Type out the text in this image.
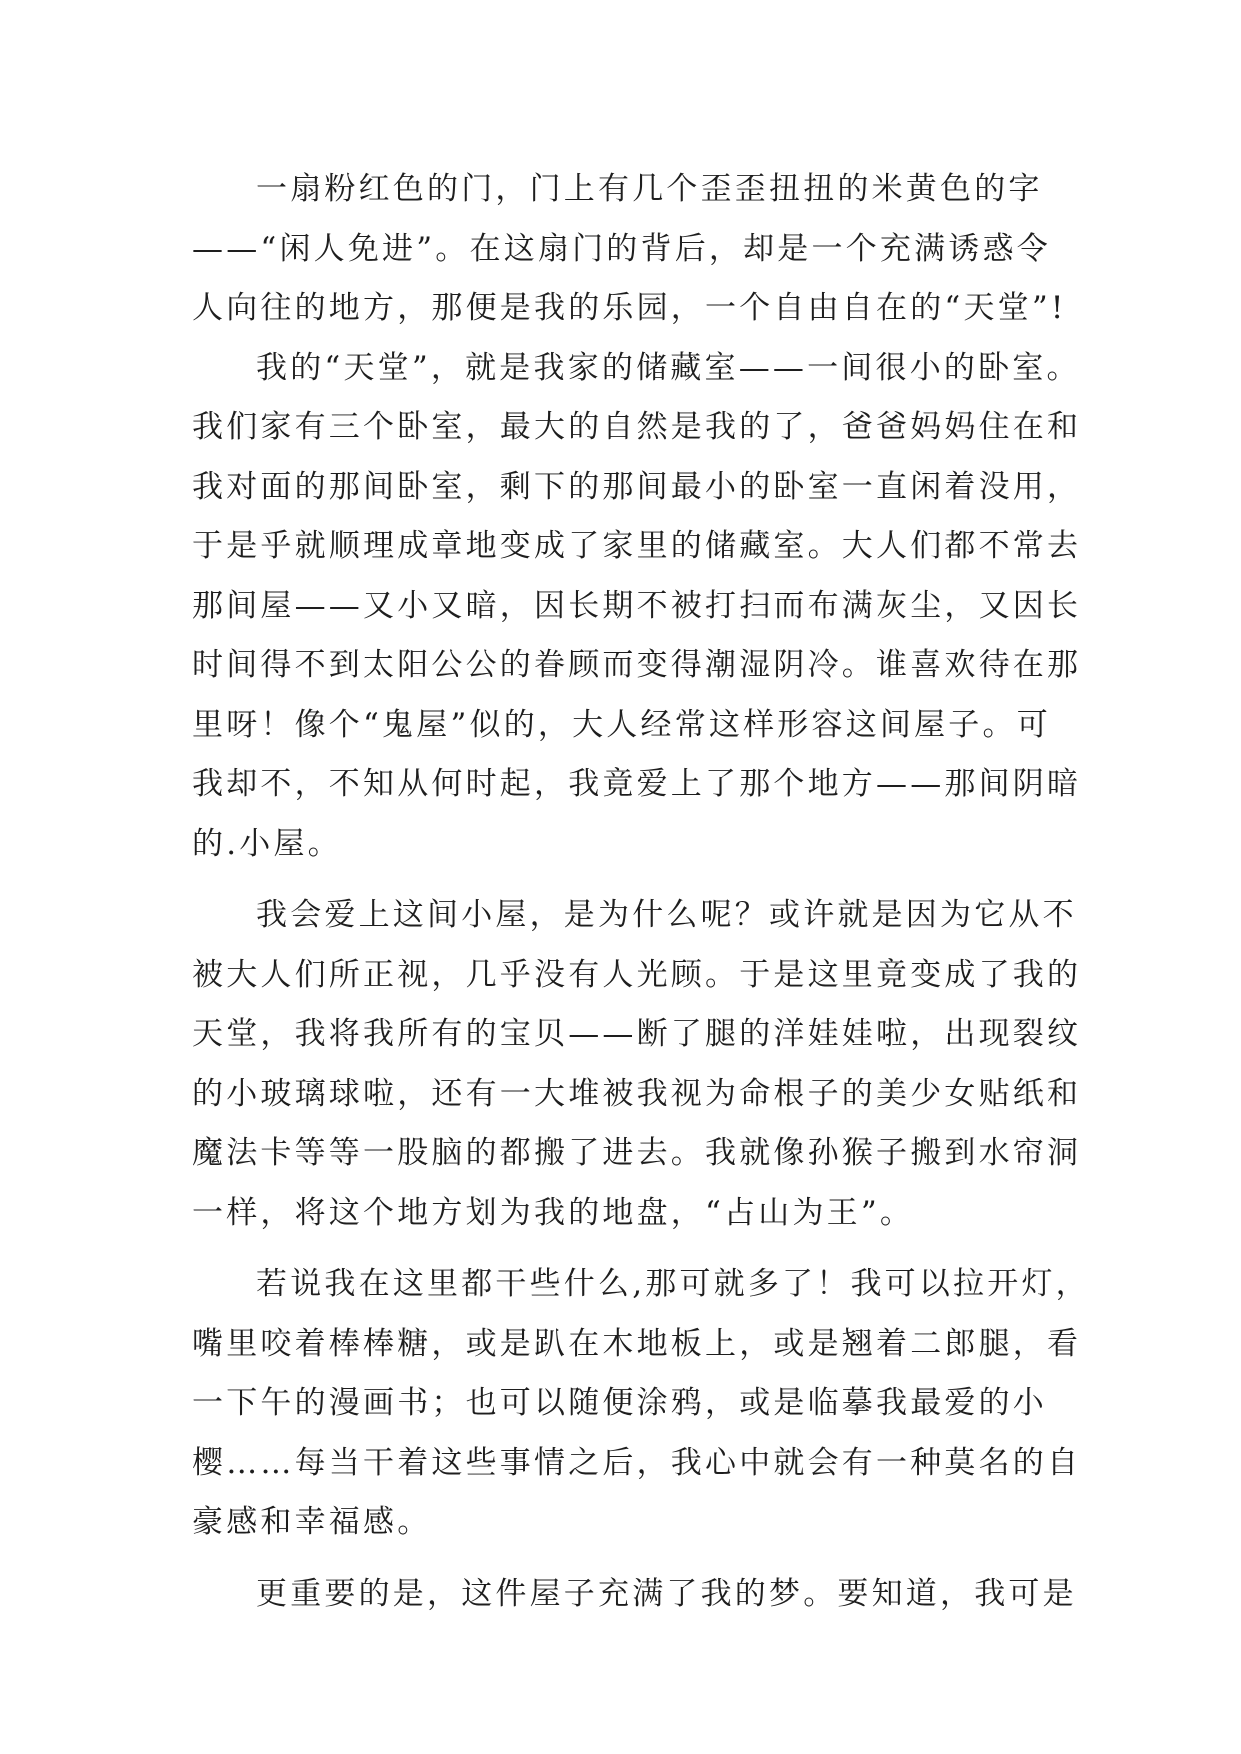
一扇粉红色的门，门上有几个歪歪扭扭的米黄色的字
——“闲人免进”。在这扇门的背后，却是一个充满诱惑令
人向往的地方，那便是我的乐园，一个自由自在的“天堂”!
我的“天堂”，就是我家的储藏室——一间很小的卧室。
我们家有三个卧室，最大的自然是我的了，爸爸妈妈住在和
我对面的那间卧室，剩下的那间最小的卧室一直闲着没用，
于是乎就顺理成章地变成了家里的储藏室。大人们都不常去
那间屋——又小又暗，因长期不被打扫而布满灰尘，又因长
时间得不到太阳公公的眷顾而变得潮湿阴冷。谁喜欢待在那
里呀！像个“鬼屋”似的，大人经常这样形容这间屋子。可
我却不，不知从何时起，我竟爱上了那个地方——那间阴暗
的.小屋。
我会爱上这间小屋，是为什么呢？或许就是因为它从不
被大人们所正视，几乎没有人光顾。于是这里竟变成了我的
天堂，我将我所有的宝贝——断了腿的洋娃娃啦，出现裂纹
的小玻璃球啦，还有一大堆被我视为命根子的美少女贴纸和
魔法卡等等一股脑的都搬了进去。我就像孙猴子搬到水帘洞
一样，将这个地方划为我的地盘，“占山为王”。
若说我在这里都干些什么,那可就多了！我可以拉开灯，
嘴里咬着棒棒糖，或是趴在木地板上，或是翘着二郎腿，看
一下午的漫画书；也可以随便涂鸦，或是临摹我最爱的小
樱……每当干着这些事情之后，我心中就会有一种莫名的自
豪感和幸福感。
更重要的是，这件屋子充满了我的梦。要知道，我可是
